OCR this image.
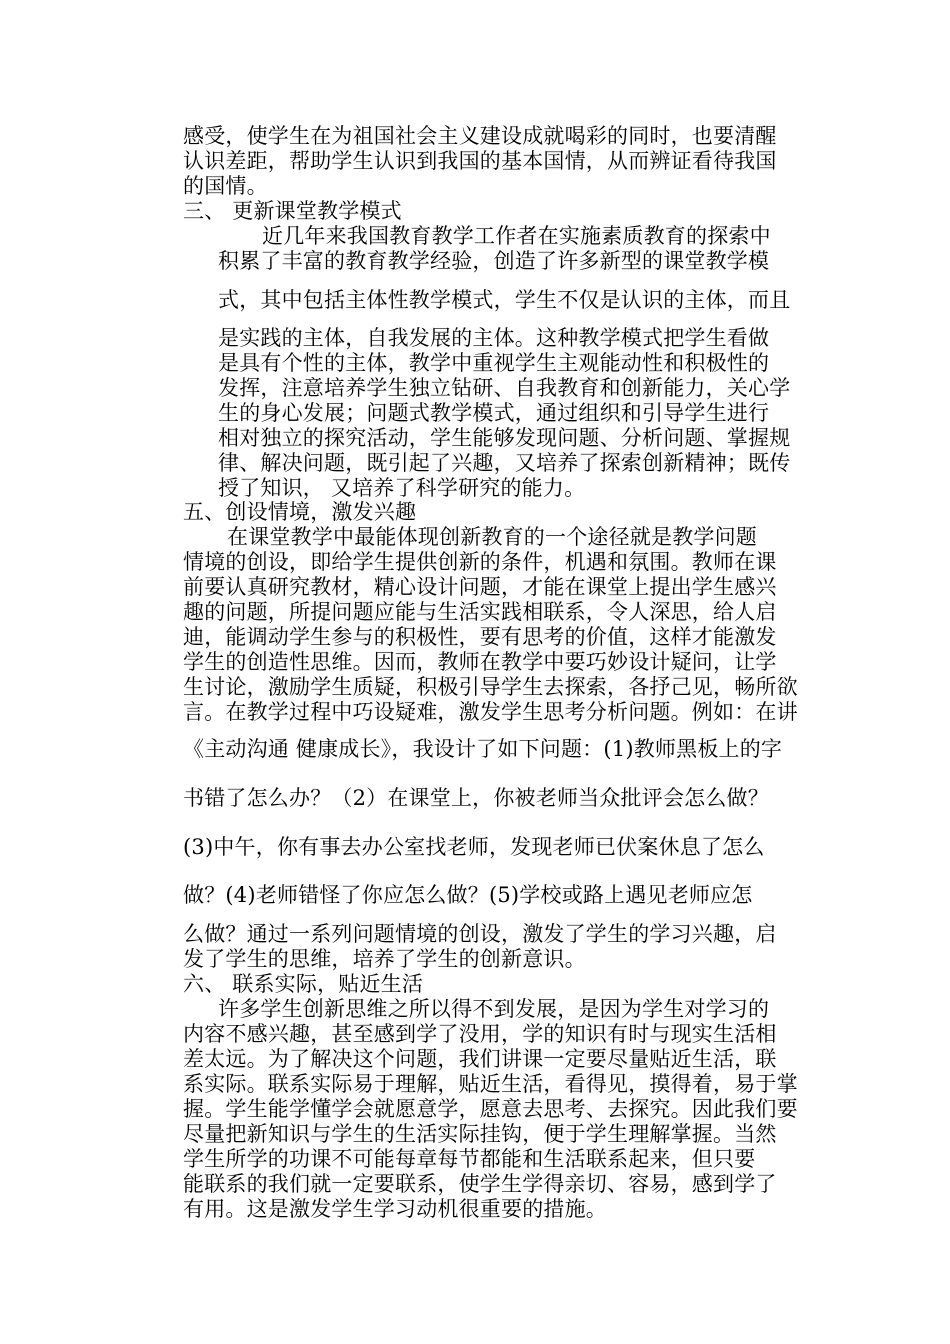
感受，使学生在为祖国社会主义建设成就喝彩的同时，也要清醒
认识差距，帮助学生认识到我国的基本国情，从而辨证看待我国
的国情。
三、 更新课堂教学模式
近几年来我国教育教学工作者在实施素质教育的探索中
积累了丰富的教育教学经验，创造了许多新型的课堂教学模
式，其中包括主体性教学模式，学生不仅是认识的主体，而且
是实践的主体，自我发展的主体。这种教学模式把学生看做
是具有个性的主体，教学中重视学生主观能动性和积极性的
发挥，注意培养学生独立钻研、自我教育和创新能力，关心学
生的身心发展；问题式教学模式，通过组织和引导学生进行
相对独立的探究活动，学生能够发现问题、分析问题、掌握规
律、解决问题，既引起了兴趣，又培养了探索创新精神；既传
授了知识， 又培养了科学研究的能力。
五、创设情境，激发兴趣
在课堂教学中最能体现创新教育的一个途径就是教学问题
情境的创设，即给学生提供创新的条件，机遇和氛围。教师在课
前要认真研究教材，精心设计问题，才能在课堂上提出学生感兴
趣的问题，所提问题应能与生活实践相联系，令人深思，给人启
迪，能调动学生参与的积极性，要有思考的价值，这样才能激发
学生的创造性思维。因而，教师在教学中要巧妙设计疑问，让学
生讨论，激励学生质疑，积极引导学生去探索，各抒己见，畅所欲
言。在教学过程中巧设疑难，激发学生思考分析问题。例如：在讲
《主动沟通 健康成长》，我设计了如下问题：(1)教师黑板上的字
书错了怎么办？（2）在课堂上，你被老师当众批评会怎么做？
(3)中午，你有事去办公室找老师，发现老师已伏案休息了怎么
做？(4)老师错怪了你应怎么做？(5)学校或路上遇见老师应怎
么做？通过一系列问题情境的创设，激发了学生的学习兴趣，启
发了学生的思维，培养了学生的创新意识。
六、 联系实际，贴近生活
许多学生创新思维之所以得不到发展，是因为学生对学习的
内容不感兴趣，甚至感到学了没用，学的知识有时与现实生活相
差太远。为了解决这个问题，我们讲课一定要尽量贴近生活，联
系实际。联系实际易于理解，贴近生活，看得见，摸得着，易于掌
握。学生能学懂学会就愿意学，愿意去思考、去探究。因此我们要
尽量把新知识与学生的生活实际挂钩，便于学生理解掌握。当然
学生所学的功课不可能每章每节都能和生活联系起来，但只要
能联系的我们就一定要联系，使学生学得亲切、容易，感到学了
有用。这是激发学生学习动机很重要的措施。
